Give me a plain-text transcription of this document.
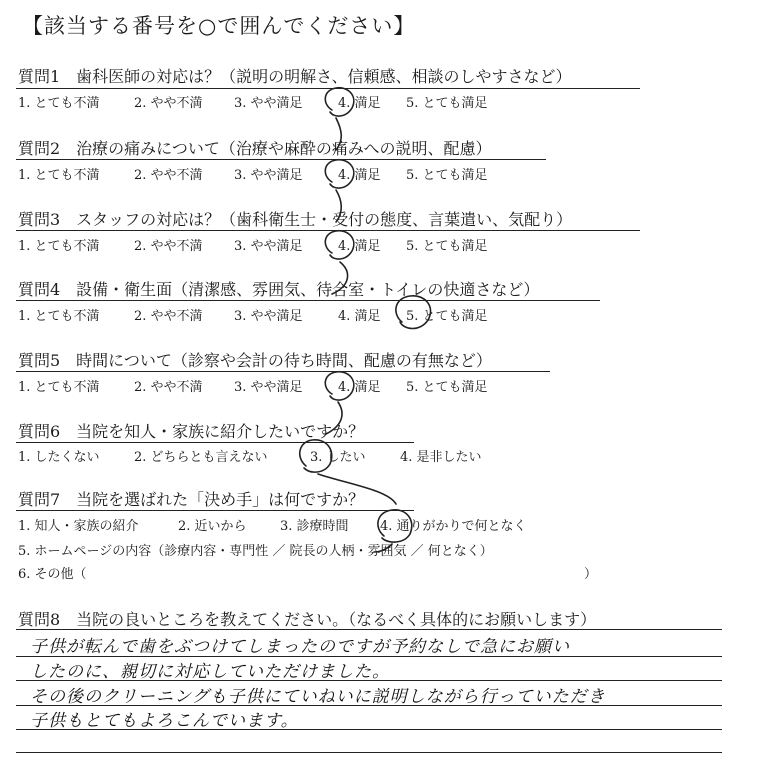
【該当する番号を○で囲んでください】
質問1　歯科医師の対応は？（説明の明解さ、信頼感、相談のしやすさなど）
1. とても不満	2. やや不満 3. やや満足	4. 満足 5. とても満足
質問2　治療の痛みについて（治療や麻酔の痛みへの説明、配慮）
1. とても不満	2. やや不満 3. やや満足	4. 満足 5. とても満足
質問3　スタッフの対応は？（歯科衛生士・受付の態度、言葉遣い、気配り）
1. とても不満	2. やや不満 3. やや満足	4. 満足 5. とても満足
質問4　設備・衛生面（清潔感、雰囲気、待合室・トイレの快適さなど）
1. とても不満	2. やや不満 3. やや満足	4. 満足 5. とても満足
質問5　時間について（診察や会計の待ち時間、配慮の有無など）
1. とても不満	2. やや不満 3. やや満足	4. 満足 5. とても満足
質問6　当院を知人・家族に紹介したいですか？
1. したくない	2. どちらとも言えない	3. したい	4. 是非したい
質問7　当院を選ばれた「決め手」は何ですか？
1. 知人・家族の紹介	2. 近いから	3. 診療時間 4. 通りがかりで何となく
5. ホームページの内容（診療内容・専門性 ／ 院長の人柄・雰囲気 ／ 何となく）
6. その他（	）
質問8　当院の良いところを教えてください。（なるべく具体的にお願いします）
子供が転んで歯をぶつけてしまったのですが予約なしで急にお願い
したのに、親切に対応していただけました。
その後のクリーニングも子供にていねいに説明しながら行っていただき
子供もとてもよろこんでいます。
